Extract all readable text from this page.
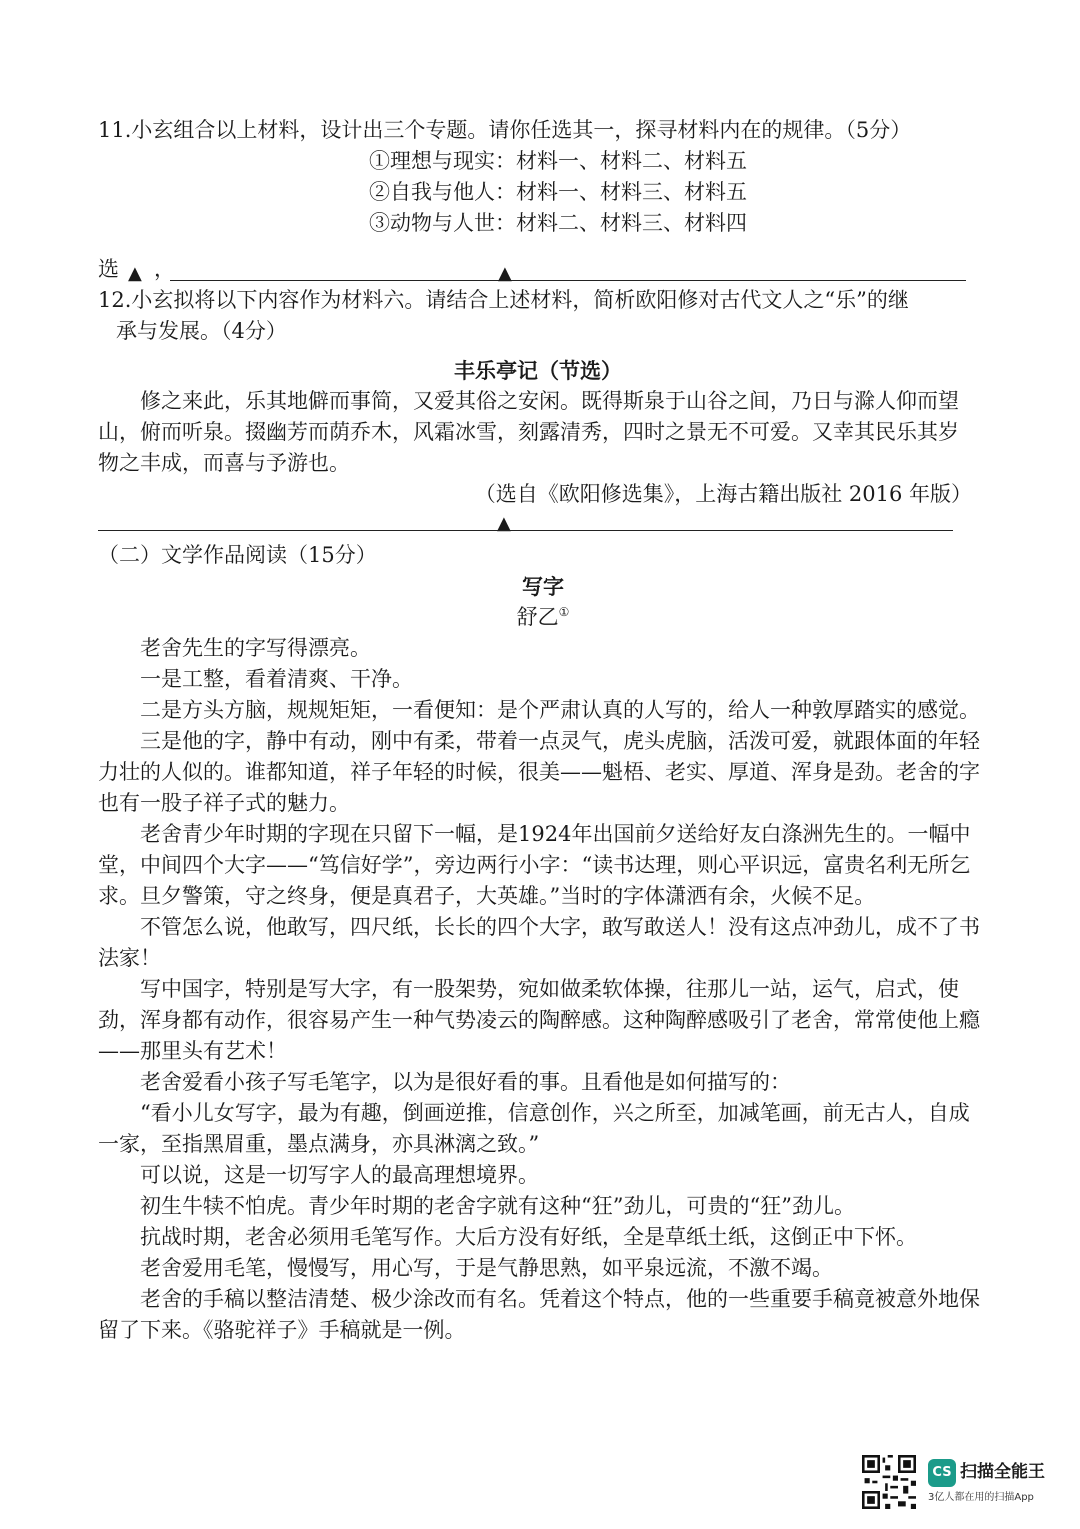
11.小玄组合以上材料，设计出三个专题。请你任选其一，探寻材料内在的规律。（5分）
①理想与现实：材料一、材料二、材料五
②自我与他人：材料一、材料三、材料五
③动物与人世：材料二、材料三、材料四
选 ▲ ，	▲
12.小玄拟将以下内容作为材料六。请结合上述材料，简析欧阳修对古代文人之“乐”的继
承与发展。（4分）
丰乐亭记（节选）

修之来此，乐其地僻而事简，又爱其俗之安闲。既得斯泉于山谷之间，乃日与滁人仰而望山，俯而听泉。掇幽芳而荫乔木，风霜冰雪，刻露清秀，四时之景无不可爱。又幸其民乐其岁物之丰成，而喜与予游也。

（选自《欧阳修选集》，上海古籍出版社 2016 年版）
▲
（二）文学作品阅读（15分）
写字
舒乙①

老舍先生的字写得漂亮。

一是工整，看着清爽、干净。

二是方头方脑，规规矩矩，一看便知：是个严肃认真的人写的，给人一种敦厚踏实的感觉。

三是他的字，静中有动，刚中有柔，带着一点灵气，虎头虎脑，活泼可爱，就跟体面的年轻力壮的人似的。谁都知道，祥子年轻的时候，很美——魁梧、老实、厚道、浑身是劲。老舍的字也有一股子祥子式的魅力。

老舍青少年时期的字现在只留下一幅，是1924年出国前夕送给好友白涤洲先生的。一幅中堂，中间四个大字——“笃信好学”，旁边两行小字：“读书达理，则心平识远，富贵名利无所乞求。旦夕警策，守之终身，便是真君子，大英雄。”当时的字体潇洒有余，火候不足。

不管怎么说，他敢写，四尺纸，长长的四个大字，敢写敢送人！没有这点冲劲儿，成不了书法家！

写中国字，特别是写大字，有一股架势，宛如做柔软体操，往那儿一站，运气，启式，使劲，浑身都有动作，很容易产生一种气势凌云的陶醉感。这种陶醉感吸引了老舍，常常使他上瘾——那里头有艺术！

老舍爱看小孩子写毛笔字，以为是很好看的事。且看他是如何描写的：

“看小儿女写字，最为有趣，倒画逆推，信意创作，兴之所至，加减笔画，前无古人，自成一家，至指黑眉重，墨点满身，亦具淋漓之致。”

可以说，这是一切写字人的最高理想境界。

初生牛犊不怕虎。青少年时期的老舍字就有这种“狂”劲儿，可贵的“狂”劲儿。

抗战时期，老舍必须用毛笔写作。大后方没有好纸，全是草纸土纸，这倒正中下怀。

老舍爱用毛笔，慢慢写，用心写，于是气静思熟，如平泉远流，不激不竭。

老舍的手稿以整洁清楚、极少涂改而有名。凭着这个特点，他的一些重要手稿竟被意外地保留了下来。《骆驼祥子》手稿就是一例。

CS 扫描全能王
3亿人都在用的扫描App
